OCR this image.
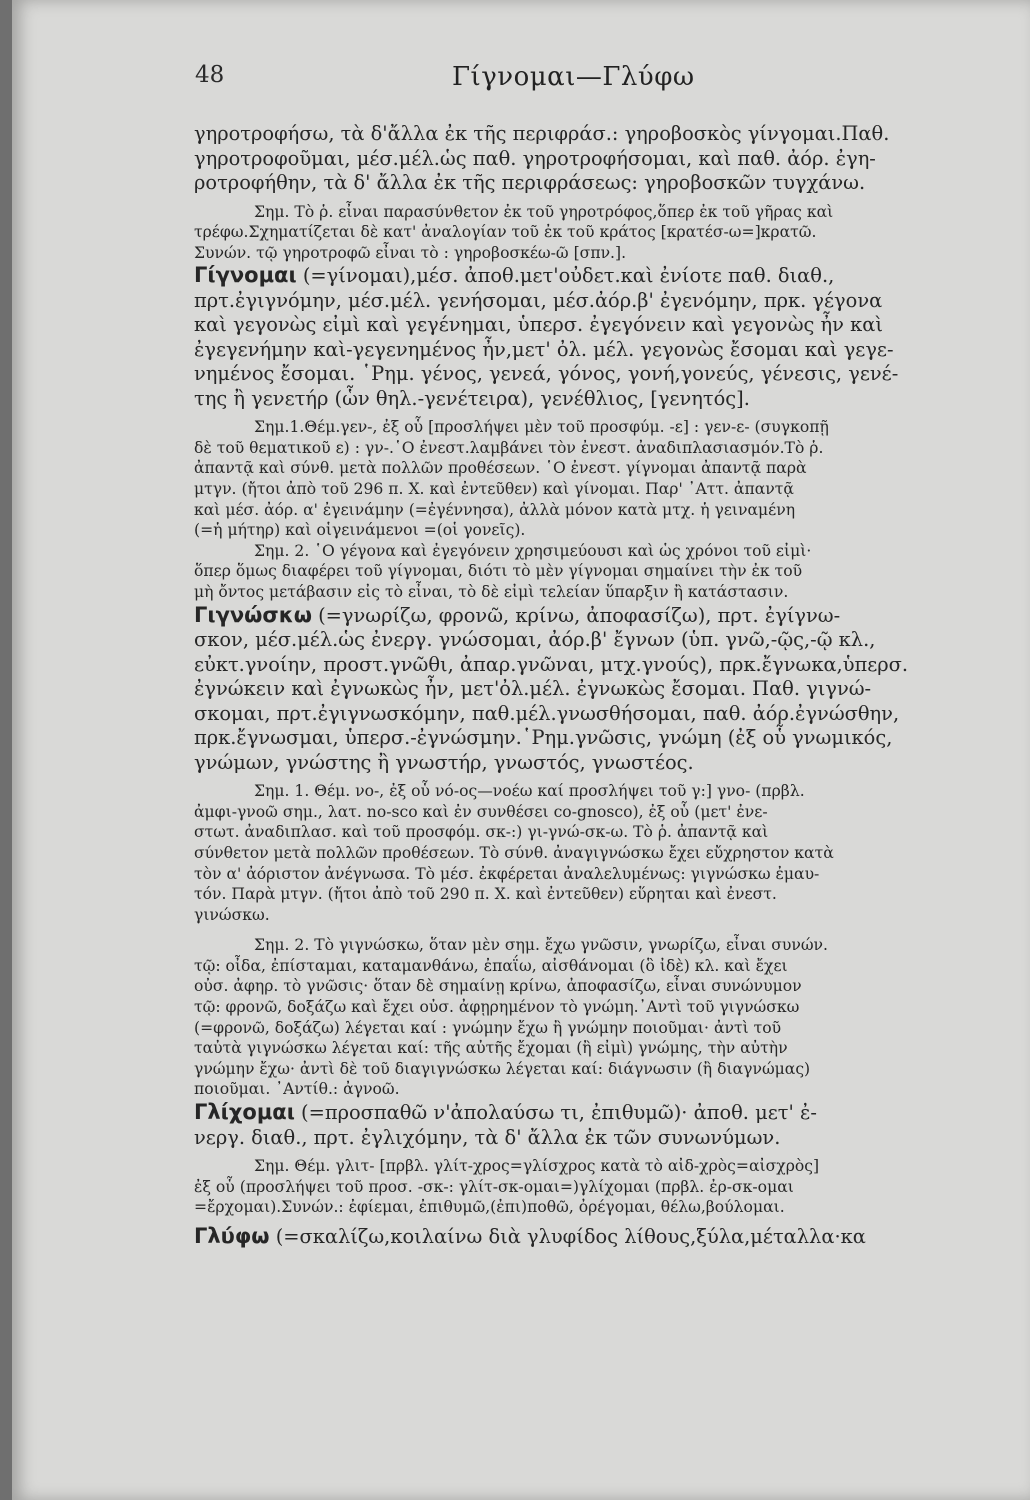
48	Γίγνομαι—Γλύφω
γηροτροφήσω, τὰ δ'ἄλλα ἐκ τῆς περιφράσ.: γηροβοσκὸς γίνγομαι.Παθ.
γηροτροφοῦμαι, μέσ.μέλ.ὡς παθ. γηροτροφήσομαι, καὶ παθ. ἀόρ. ἐγη-
ροτροφήθην, τὰ δ' ἄλλα ἐκ τῆς περιφράσεως: γηροβοσκῶν τυγχάνω.
Σημ. Τὸ ῥ. εἶναι παρασύνθετον ἐκ τοῦ γηροτρόφος,ὅπερ ἐκ τοῦ γῆρας καὶ
τρέφω.Σχηματίζεται δὲ κατ' ἀναλογίαν τοῦ ἐκ τοῦ κράτος [κρατέσ-ω=]κρατῶ.
Συνών. τῷ γηροτροφῶ εἶναι τὸ : γηροβοσκέω-ῶ [σπν.].
Γίγνομαι (=γίνομαι),μέσ. ἀποθ.μετ'οὐδετ.καὶ ἐνίοτε παθ. διαθ.,
πρτ.ἐγιγνόμην, μέσ.μέλ. γενήσομαι, μέσ.ἀόρ.β' ἐγενόμην, πρκ. γέγονα
καὶ γεγονὼς εἰμὶ καὶ γεγένημαι, ὑπερσ. ἐγεγόνειν καὶ γεγονὼς ἦν καὶ
ἐγεγενήμην καὶ-γεγενημένος ἦν,μετ' ὀλ. μέλ. γεγονὼς ἔσομαι καὶ γεγε-
νημένος ἔσομαι. ῾Ρημ. γένος, γενεά, γόνος, γονή,γονεύς, γένεσις, γενέ-
της ἢ γενετήρ (ὧν θηλ.-γενέτειρα), γενέθλιος, [γενητός].
Σημ.1.Θέμ.γεν-, ἐξ οὗ [προσλήψει μὲν τοῦ προσφύμ. -ε] : γεν-ε- (συγκοπῇ
δὲ τοῦ θεματικοῦ ε) : γν-.῾Ο ἐνεστ.λαμβάνει τὸν ἐνεστ. ἀναδιπλασιασμόν.Τὸ ῥ.
ἀπαντᾷ καὶ σύνθ. μετὰ πολλῶν προθέσεων. ῾Ο ἐνεστ. γίγνομαι ἀπαντᾷ παρὰ
μτγν. (ἤτοι ἀπὸ τοῦ 296 π. Χ. καὶ ἐντεῦθεν) καὶ γίνομαι. Παρ' ᾿Αττ. ἀπαντᾷ
καὶ μέσ. ἀόρ. α' ἐγεινάμην (=ἐγέννησα), ἀλλὰ μόνον κατὰ μτχ. ἡ γειναμένη
(=ἡ μήτηρ) καὶ οἱγεινάμενοι =(οἱ γονεῖς).
Σημ. 2. ῾Ο γέγονα καὶ ἐγεγόνειν χρησιμεύουσι καὶ ὡς χρόνοι τοῦ εἰμὶ·
ὅπερ ὅμως διαφέρει τοῦ γίγνομαι, διότι τὸ μὲν γίγνομαι σημαίνει τὴν ἐκ τοῦ
μὴ ὄντος μετάβασιν εἰς τὸ εἶναι, τὸ δὲ εἰμὶ τελείαν ὕπαρξιν ἢ κατάστασιν.
Γιγνώσκω (=γνωρίζω, φρονῶ, κρίνω, ἀποφασίζω), πρτ. ἐγίγνω-
σκον, μέσ.μέλ.ὡς ἐνεργ. γνώσομαι, ἀόρ.β' ἔγνων (ὑπ. γνῶ,-ῷς,-ῷ κλ.,
εὐκτ.γνοίην, προστ.γνῶθι, ἀπαρ.γνῶναι, μτχ.γνούς), πρκ.ἔγνωκα,ὑπερσ.
ἐγνώκειν καὶ ἐγνωκὼς ἦν, μετ'ὀλ.μέλ. ἐγνωκὼς ἔσομαι. Παθ. γιγνώ-
σκομαι, πρτ.ἐγιγνωσκόμην, παθ.μέλ.γνωσθήσομαι, παθ. ἀόρ.ἐγνώσθην,
πρκ.ἔγνωσμαι, ὑπερσ.-ἐγνώσμην.῾Ρημ.γνῶσις, γνώμη (ἐξ οὗ γνωμικός,
γνώμων, γνώστης ἢ γνωστήρ, γνωστός, γνωστέος.
Σημ. 1. Θέμ. νο-, ἐξ οὗ νό-ος—νοέω καί προσλήψει τοῦ γ:] γνο- (πρβλ.
ἀμφι-γνοῶ σημ., λατ. no-sco καὶ ἐν συνθέσει co-gnosco), ἐξ οὗ (μετ' ἐνε-
στωτ. ἀναδιπλασ. καὶ τοῦ προσφόμ. σκ-:) γι-γνώ-σκ-ω. Τὸ ῥ. ἀπαντᾷ καὶ
σύνθετον μετὰ πολλῶν προθέσεων. Τὸ σύνθ. ἀναγιγνώσκω ἔχει εὔχρηστον κατὰ
τὸν α' ἀόριστον ἀνέγνωσα. Τὸ μέσ. ἐκφέρεται ἀναλελυμένως: γιγνώσκω ἐμαυ-
τόν. Παρὰ μτγν. (ἤτοι ἀπὸ τοῦ 290 π. Χ. καὶ ἐντεῦθεν) εὕρηται καὶ ἐνεστ.
γινώσκω.
Σημ. 2. Τὸ γιγνώσκω, ὅταν μὲν σημ. ἔχω γνῶσιν, γνωρίζω, εἶναι συνών.
τῷ: οἶδα, ἐπίσταμαι, καταμανθάνω, ἐπαΐω, αἰσθάνομαι (ὃ ἰδὲ) κλ. καὶ ἔχει
οὐσ. ἀφηρ. τὸ γνῶσις· ὅταν δὲ σημαίνῃ κρίνω, ἀποφασίζω, εἶναι συνώνυμον
τῷ: φρονῶ, δοξάζω καὶ ἔχει οὐσ. ἀφῃρημένον τὸ γνώμη.᾿Αντὶ τοῦ γιγνώσκω
(=φρονῶ, δοξάζω) λέγεται καί : γνώμην ἔχω ἢ γνώμην ποιοῦμαι· ἀντὶ τοῦ
ταὐτὰ γιγνώσκω λέγεται καί: τῆς αὐτῆς ἔχομαι (ἢ εἰμὶ) γνώμης, τὴν αὐτὴν
γνώμην ἔχω· ἀντὶ δὲ τοῦ διαγιγνώσκω λέγεται καί: διάγνωσιν (ἢ διαγνώμας)
ποιοῦμαι. ᾿Αντίθ.: ἀγνοῶ.
Γλίχομαι (=προσπαθῶ ν'ἀπολαύσω τι, ἐπιθυμῶ)· ἀποθ. μετ' ἐ-
νεργ. διαθ., πρτ. ἐγλιχόμην, τὰ δ' ἄλλα ἐκ τῶν συνωνύμων.
Σημ. Θέμ. γλιτ- [πρβλ. γλίτ-χρος=γλίσχρος κατὰ τὸ αἰδ-χρὸς=αἰσχρὸς]
ἐξ οὗ (προσλήψει τοῦ προσ. -σκ-: γλίτ-σκ-ομαι=)γλίχομαι (πρβλ. ἐρ-σκ-ομαι
=ἔρχομαι).Συνών.: ἐφίεμαι, ἐπιθυμῶ,(ἐπι)ποθῶ, ὀρέγομαι, θέλω,βούλομαι.
Γλύφω (=σκαλίζω,κοιλαίνω διὰ γλυφίδος λίθους,ξύλα,μέταλλα·κα
